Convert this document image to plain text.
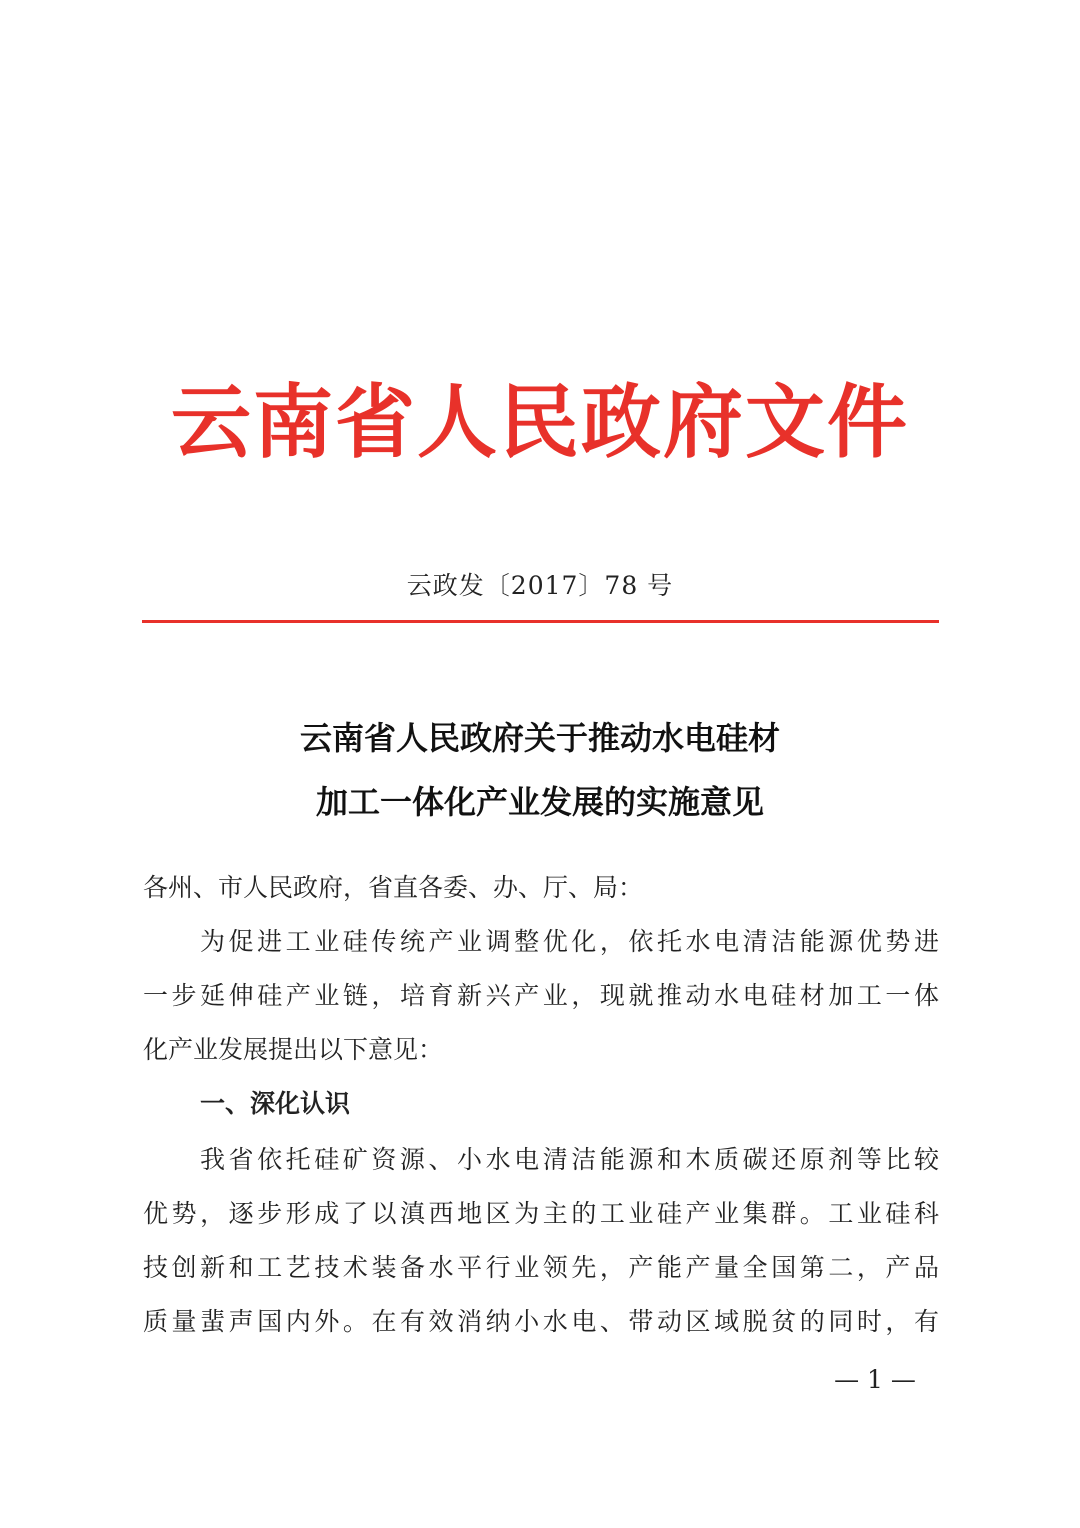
云南省人民政府文件
云政发〔2017〕78 号
云南省人民政府关于推动水电硅材
加工一体化产业发展的实施意见
各州、市人民政府，省直各委、办、厅、局：
为促进工业硅传统产业调整优化，依托水电清洁能源优势进
一步延伸硅产业链，培育新兴产业，现就推动水电硅材加工一体
化产业发展提出以下意见：
一、深化认识
我省依托硅矿资源、小水电清洁能源和木质碳还原剂等比较
优势，逐步形成了以滇西地区为主的工业硅产业集群。工业硅科
技创新和工艺技术装备水平行业领先，产能产量全国第二，产品
质量蜚声国内外。在有效消纳小水电、带动区域脱贫的同时，有
— 1 —
